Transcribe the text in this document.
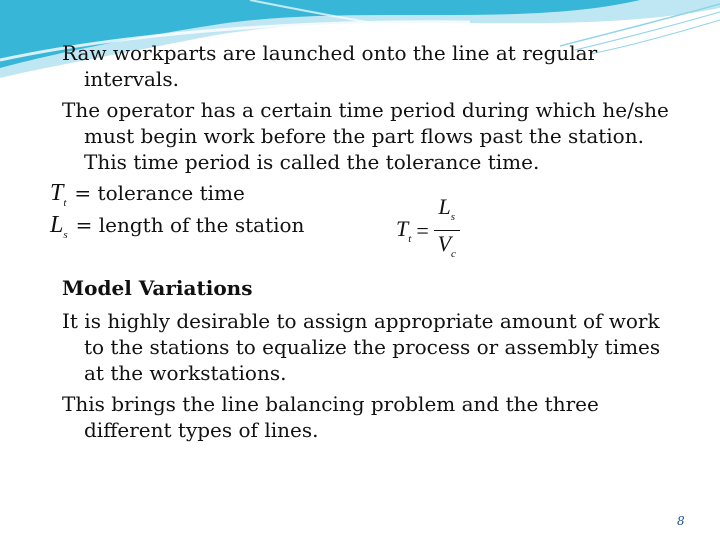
Raw workparts are launched onto the line at regular intervals.

The operator has a certain time period during which he/she must begin work before the part flows past the station. This time period is called the tolerance time.

$T_t$ = tolerance time
$L_s$ = length of the station	$T_t = \frac{L_s}{V_c}$

Model Variations

It is highly desirable to assign appropriate amount of work to the stations to equalize the process or assembly times at the workstations.

This brings the line balancing problem and the three different types of lines.

8
